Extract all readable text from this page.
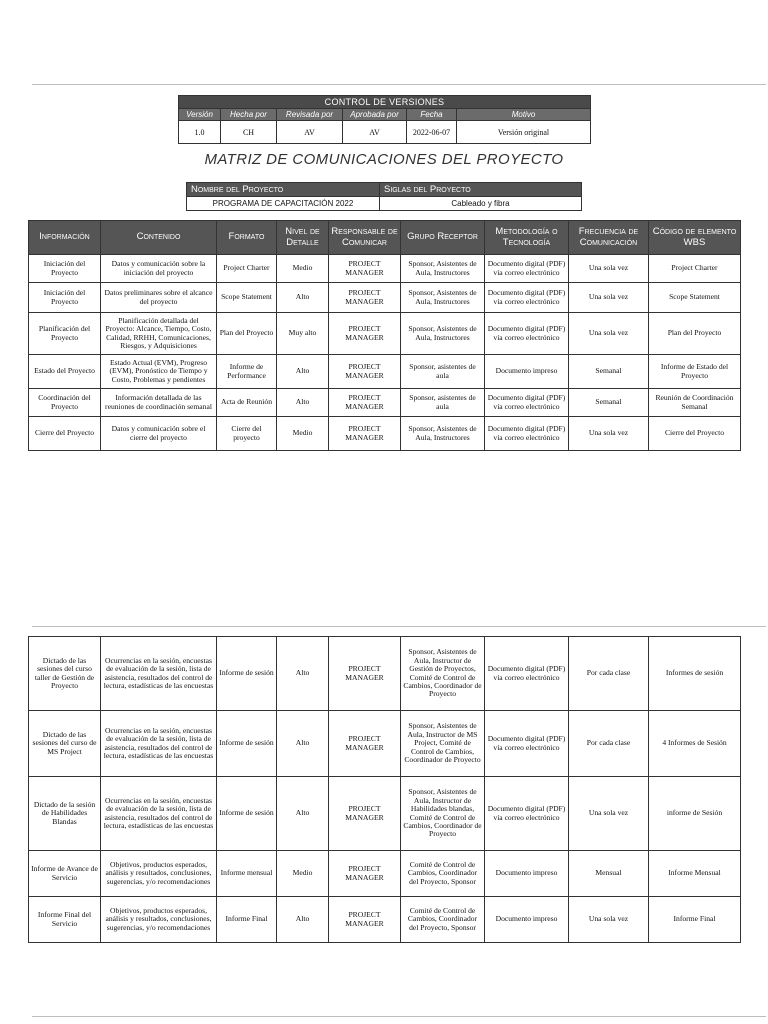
CONTROL DE VERSIONES					
Versión	Hecha por	Revisada por	Aprobada por	Fecha	Motivo
1.0	CH	AV	AV	2022-06-07	Versión original
MATRIZ DE COMUNICACIONES DEL PROYECTO
Nombre del Proyecto	Siglas del Proyecto
PROGRAMA DE CAPACITACIÓN 2022	Cableado y fibra
Información	Contenido	Formato	Nivel de Detalle	Responsable de Comunicar	Grupo Receptor	Metodología o Tecnología	Frecuencia de Comunicación	Código de elemento WBS
Iniciación del Proyecto	Datos y comunicación sobre la iniciación del proyecto	Project Charter	Medio	PROJECT MANAGER	Sponsor, Asistentes de Aula, Instructores	Documento digital (PDF) vía correo electrónico	Una sola vez	Project Charter
Iniciación del Proyecto	Datos preliminares sobre el alcance del proyecto	Scope Statement	Alto	PROJECT MANAGER	Sponsor, Asistentes de Aula, Instructores	Documento digital (PDF) vía correo electrónico	Una sola vez	Scope Statement
Planificación del Proyecto	Planificación detallada del Proyecto: Alcance, Tiempo, Costo, Calidad, RRHH, Comunicaciones, Riesgos, y Adquisiciones	Plan del Proyecto	Muy alto	PROJECT MANAGER	Sponsor, Asistentes de Aula, Instructores	Documento digital (PDF) vía correo electrónico	Una sola vez	Plan del Proyecto
Estado del Proyecto	Estado Actual (EVM), Progreso (EVM), Pronóstico de Tiempo y Costo, Problemas y pendientes	Informe de Performance	Alto	PROJECT MANAGER	Sponsor, asistentes de aula	Documento impreso	Semanal	Informe de Estado del Proyecto
Coordinación del Proyecto	Información detallada de las reuniones de coordinación semanal	Acta de Reunión	Alto	PROJECT MANAGER	Sponsor, asistentes de aula	Documento digital (PDF) vía correo electrónico	Semanal	Reunión de Coordinación Semanal
Cierre del Proyecto	Datos y comunicación sobre el cierre del proyecto	Cierre del proyecto	Medio	PROJECT MANAGER	Sponsor, Asistentes de Aula, Instructores	Documento digital (PDF) vía correo electrónico	Una sola vez	Cierre del Proyecto
Dictado de las sesiones del curso taller de Gestión de Proyecto	Ocurrencias en la sesión, encuestas de evaluación de la sesión, lista de asistencia, resultados del control de lectura, estadísticas de las encuestas	Informe de sesión	Alto	PROJECT MANAGER	Sponsor, Asistentes de Aula, Instructor de Gestión de Proyectos, Comité de Control de Cambios, Coordinador de Proyecto	Documento digital (PDF) vía correo electrónico	Por cada clase	Informes de sesión
Dictado de las sesiones del curso de MS Project	Ocurrencias en la sesión, encuestas de evaluación de la sesión, lista de asistencia, resultados del control de lectura, estadísticas de las encuestas	Informe de sesión	Alto	PROJECT MANAGER	Sponsor, Asistentes de Aula, Instructor de MS Project, Comité de Control de Cambios, Coordinador de Proyecto	Documento digital (PDF) vía correo electrónico	Por cada clase	4 Informes de Sesión
Dictado de la sesión de Habilidades Blandas	Ocurrencias en la sesión, encuestas de evaluación de la sesión, lista de asistencia, resultados del control de lectura, estadísticas de las encuestas	Informe de sesión	Alto	PROJECT MANAGER	Sponsor, Asistentes de Aula, Instructor de Habilidades blandas, Comité de Control de Cambios, Coordinador de Proyecto	Documento digital (PDF) vía correo electrónico	Una sola vez	informe de Sesión
Informe de Avance de Servicio	Objetivos, productos esperados, análisis y resultados, conclusiones, sugerencias, y/o recomendaciones	Informe mensual	Medio	PROJECT MANAGER	Comité de Control de Cambios, Coordinador del Proyecto, Sponsor	Documento impreso	Mensual	Informe Mensual
Informe Final del Servicio	Objetivos, productos esperados, análisis y resultados, conclusiones, sugerencias, y/o recomendaciones	Informe Final	Alto	PROJECT MANAGER	Comité de Control de Cambios, Coordinador del Proyecto, Sponsor	Documento impreso	Una sola vez	Informe Final
